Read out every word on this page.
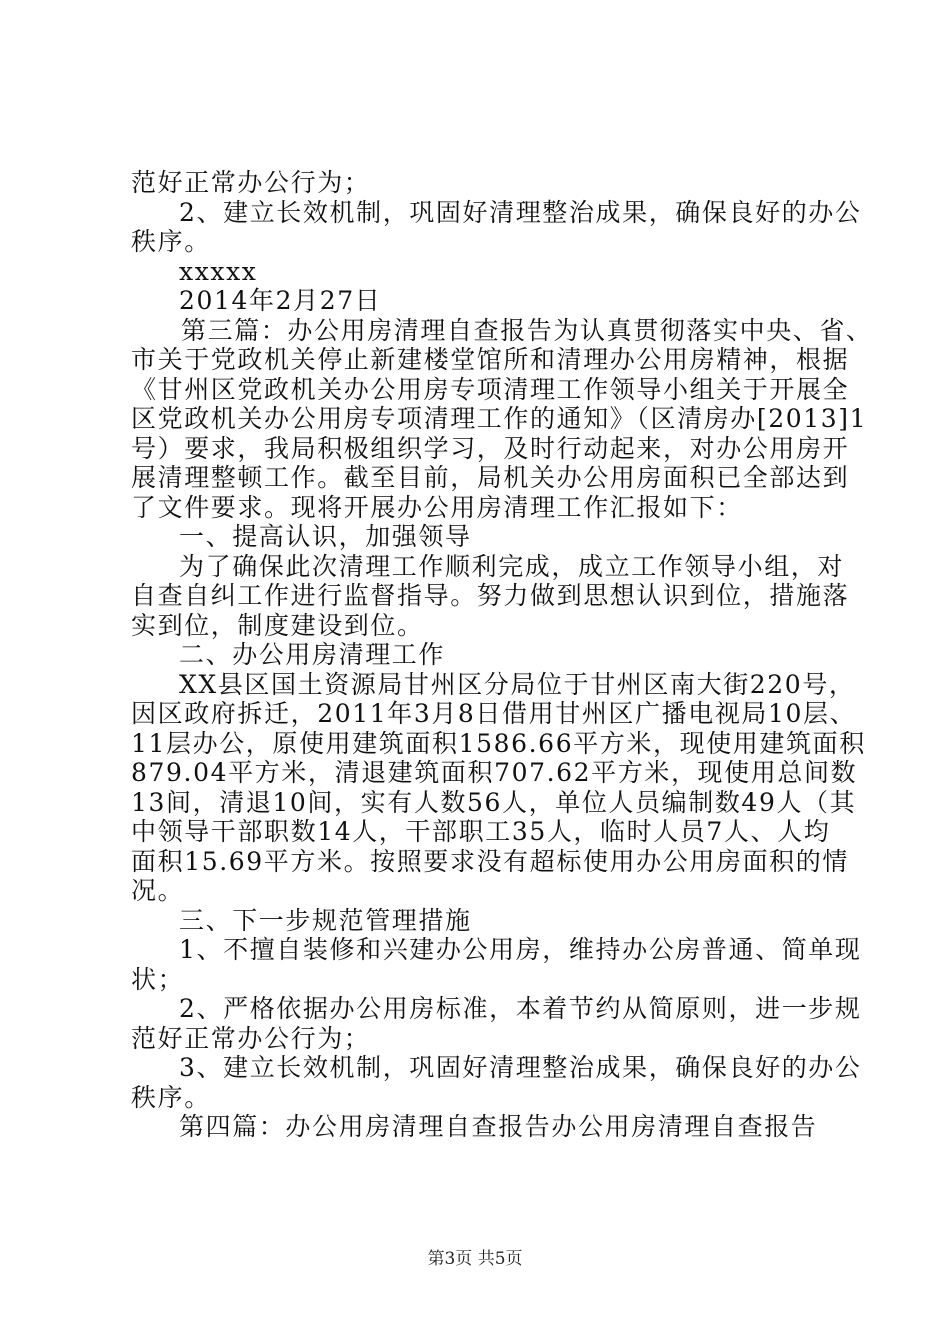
范好正常办公行为；
2、建立长效机制，巩固好清理整治成果，确保良好的办公
秩序。
xxxxx
2014年2月27日
第三篇：办公用房清理自查报告为认真贯彻落实中央、省、
市关于党政机关停止新建楼堂馆所和清理办公用房精神，根据
《甘州区党政机关办公用房专项清理工作领导小组关于开展全
区党政机关办公用房专项清理工作的通知》（区清房办[2013]1
号）要求，我局积极组织学习，及时行动起来，对办公用房开
展清理整顿工作。截至目前，局机关办公用房面积已全部达到
了文件要求。现将开展办公用房清理工作汇报如下：
一、提高认识，加强领导
为了确保此次清理工作顺利完成，成立工作领导小组，对
自查自纠工作进行监督指导。努力做到思想认识到位，措施落
实到位，制度建设到位。
二、办公用房清理工作
XX县区国土资源局甘州区分局位于甘州区南大街220号，
因区政府拆迁，2011年3月8日借用甘州区广播电视局10层、
11层办公，原使用建筑面积1586.66平方米，现使用建筑面积
879.04平方米，清退建筑面积707.62平方米，现使用总间数
13间，清退10间，实有人数56人，单位人员编制数49人（其
中领导干部职数14人，干部职工35人，临时人员7人、人均
面积15.69平方米。按照要求没有超标使用办公用房面积的情
况。
三、下一步规范管理措施
1、不擅自装修和兴建办公用房，维持办公房普通、简单现
状；
2、严格依据办公用房标准，本着节约从简原则，进一步规
范好正常办公行为；
3、建立长效机制，巩固好清理整治成果，确保良好的办公
秩序。
第四篇：办公用房清理自查报告办公用房清理自查报告
第3页 共5页
